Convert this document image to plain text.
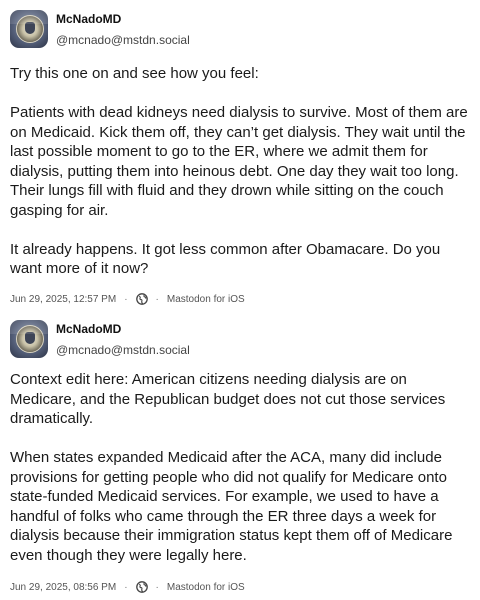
McNadoMD
@mcnado@mstdn.social

Try this one on and see how you feel:

Patients with dead kidneys need dialysis to survive. Most of them are on Medicaid. Kick them off, they can’t get dialysis. They wait until the last possible moment to go to the ER, where we admit them for dialysis, putting them into heinous debt. One day they wait too long. Their lungs fill with fluid and they drown while sitting on the couch gasping for air.

It already happens. It got less common after Obamacare. Do you want more of it now?

Jun 29, 2025, 12:57 PM ·	· Mastodon for iOS
McNadoMD
@mcnado@mstdn.social

Context edit here: American citizens needing dialysis are on Medicare, and the Republican budget does not cut those services dramatically.

When states expanded Medicaid after the ACA, many did include provisions for getting people who did not qualify for Medicare onto state-funded Medicaid services. For example, we used to have a handful of folks who came through the ER three days a week for dialysis because their immigration status kept them off of Medicare even though they were legally here.

Jun 29, 2025, 08:56 PM ·	· Mastodon for iOS
